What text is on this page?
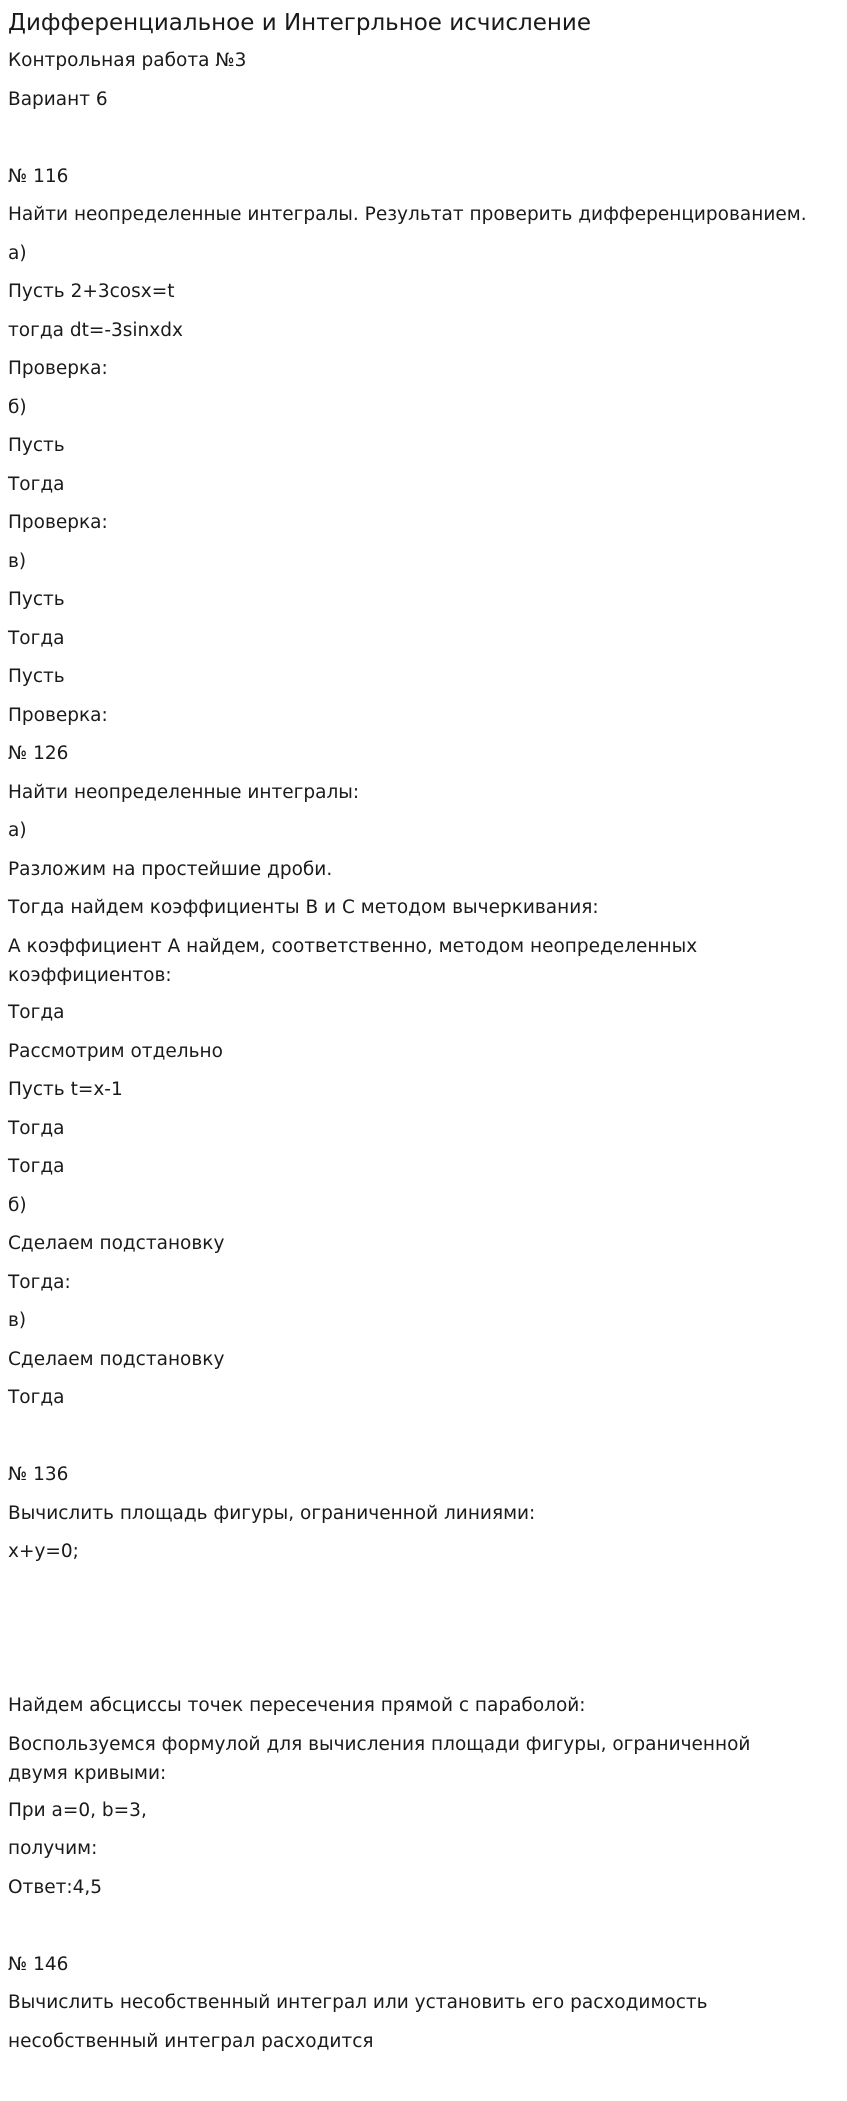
Дифференциальное и Интегрльное исчисление

Контрольная работа №3

Вариант 6

№ 116

Найти неопределенные интегралы. Результат проверить дифференцированием.

а)

Пусть 2+3cosx=t

тогда dt=-3sinxdx

Проверка:

б)

Пусть

Тогда

Проверка:

в)

Пусть

Тогда

Пусть

Проверка:

№ 126

Найти неопределенные интегралы:

а)

Разложим на простейшие дроби.

Тогда найдем коэффициенты В и С методом вычеркивания:

А коэффициент А найдем, соответственно, методом неопределенных коэффициентов:

Тогда

Рассмотрим отдельно

Пусть t=x-1

Тогда

Тогда

б)

Сделаем подстановку

Тогда:

в)

Сделаем подстановку

Тогда

№ 136

Вычислить площадь фигуры, ограниченной линиями:

x+y=0;

Найдем абсциссы точек пересечения прямой с параболой:

Воспользуемся формулой для вычисления площади фигуры, ограниченной двумя кривыми:

При a=0, b=3,

получим:

Ответ:4,5

№ 146

Вычислить несобственный интеграл или установить его расходимость

несобственный интеграл расходится
